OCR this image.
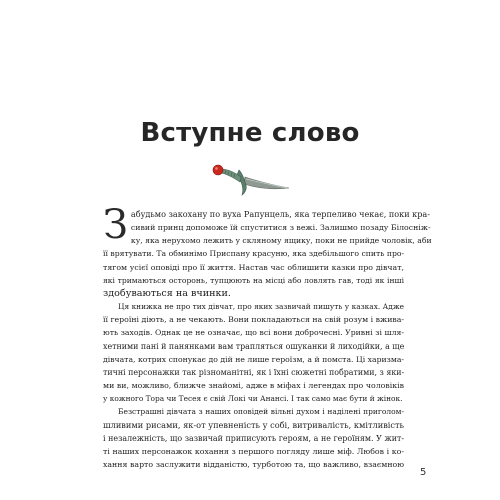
Вступне слово
З абудьмо закохану по вуха Рапунцель, яка терпеливо чекає, поки кра-
сивий принц допоможе їй спуститися з вежі. Залишмо позаду Білосніж-
ку, яка нерухомо лежить у скляному ящику, поки не прийде чоловік, аби
її врятувати. Та обминімо Приспану красуню, яка здебільшого спить про-
тягом усієї оповіді про її життя. Настав час облишити казки про дівчат,
які тримаються осторонь, тупцюють на місці або ловлять гав, тоді як інші
здобуваються на вчинки.
Ця книжка не про тих дівчат, про яких зазвичай пишуть у казках. Адже
її героїні діють, а не чекають. Вони покладаються на свій розум і вжива-
ють заходів. Однак це не означає, що всі вони доброчесні. Уривні зі шля-
хетними пані й панянками вам трапляться ошуканки й лиходійки, а ще
дівчата, котрих спонукає до дій не лише героїзм, а й помста. Ці харизма-
тичні персонажки так різноманітні, як і їхні сюжетні побратими, з яки-
ми ви, можливо, ближче знайомі, адже в міфах і легендах про чоловіків
у кожного Тора чи Тесея є свій Локі чи Ананcі. І так само має бути й жінок.
Безстрашні дівчата з наших оповідей вільні духом і наділені приголом-
шливими рисами, як-от упевненість у собі, витривалість, кмітливість
і незалежність, що зазвичай приписують героям, а не героїням. У жит-
ті наших персонажок кохання з першого погляду лише міф. Любов і ко-
хання варто заслужити відданістю, турботою та, що важливо, взаємною
5
